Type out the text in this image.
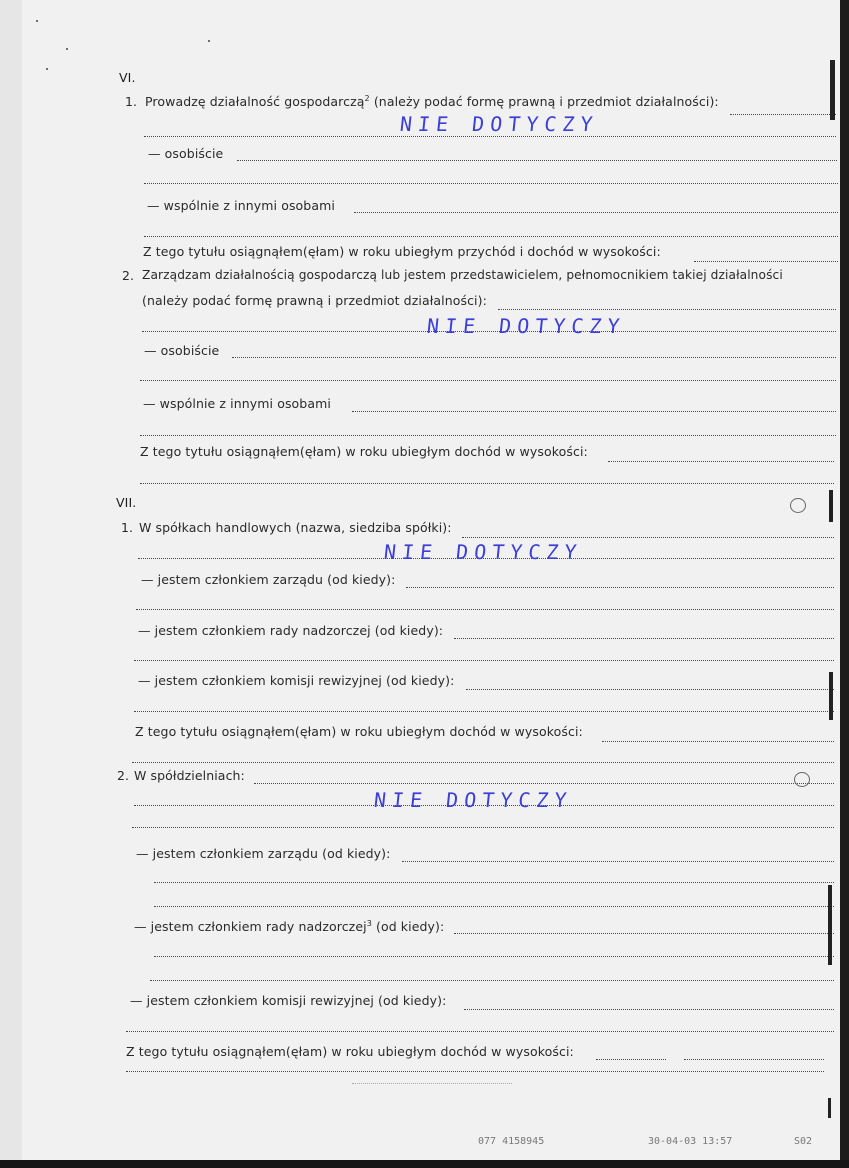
VI.
1. Prowadzę działalność gospodarczą$^2$ (należy podać formę prawną i przedmiot działalności):
NIE DOTYCZY
— osobiście
— wspólnie z innymi osobami
Z tego tytułu osiągnąłem(ęłam) w roku ubiegłym przychód i dochód w wysokości:
2. Zarządzam działalnością gospodarczą lub jestem przedstawicielem, pełnomocnikiem takiej działalności
(należy podać formę prawną i przedmiot działalności):
NIE DOTYCZY
— osobiście
— wspólnie z innymi osobami
Z tego tytułu osiągnąłem(ęłam) w roku ubiegłym dochód w wysokości:
VII.
1. W spółkach handlowych (nazwa, siedziba spółki):
NIE DOTYCZY
— jestem członkiem zarządu (od kiedy):
— jestem członkiem rady nadzorczej (od kiedy):
— jestem członkiem komisji rewizyjnej (od kiedy):
Z tego tytułu osiągnąłem(ęłam) w roku ubiegłym dochód w wysokości:
2. W spółdzielniach:
NIE DOTYCZY
— jestem członkiem zarządu (od kiedy):
— jestem członkiem rady nadzorczej$^3$ (od kiedy):
— jestem członkiem komisji rewizyjnej (od kiedy):
Z tego tytułu osiągnąłem(ęłam) w roku ubiegłym dochód w wysokości:
077 4158945	30-04-03 13:57	S02
